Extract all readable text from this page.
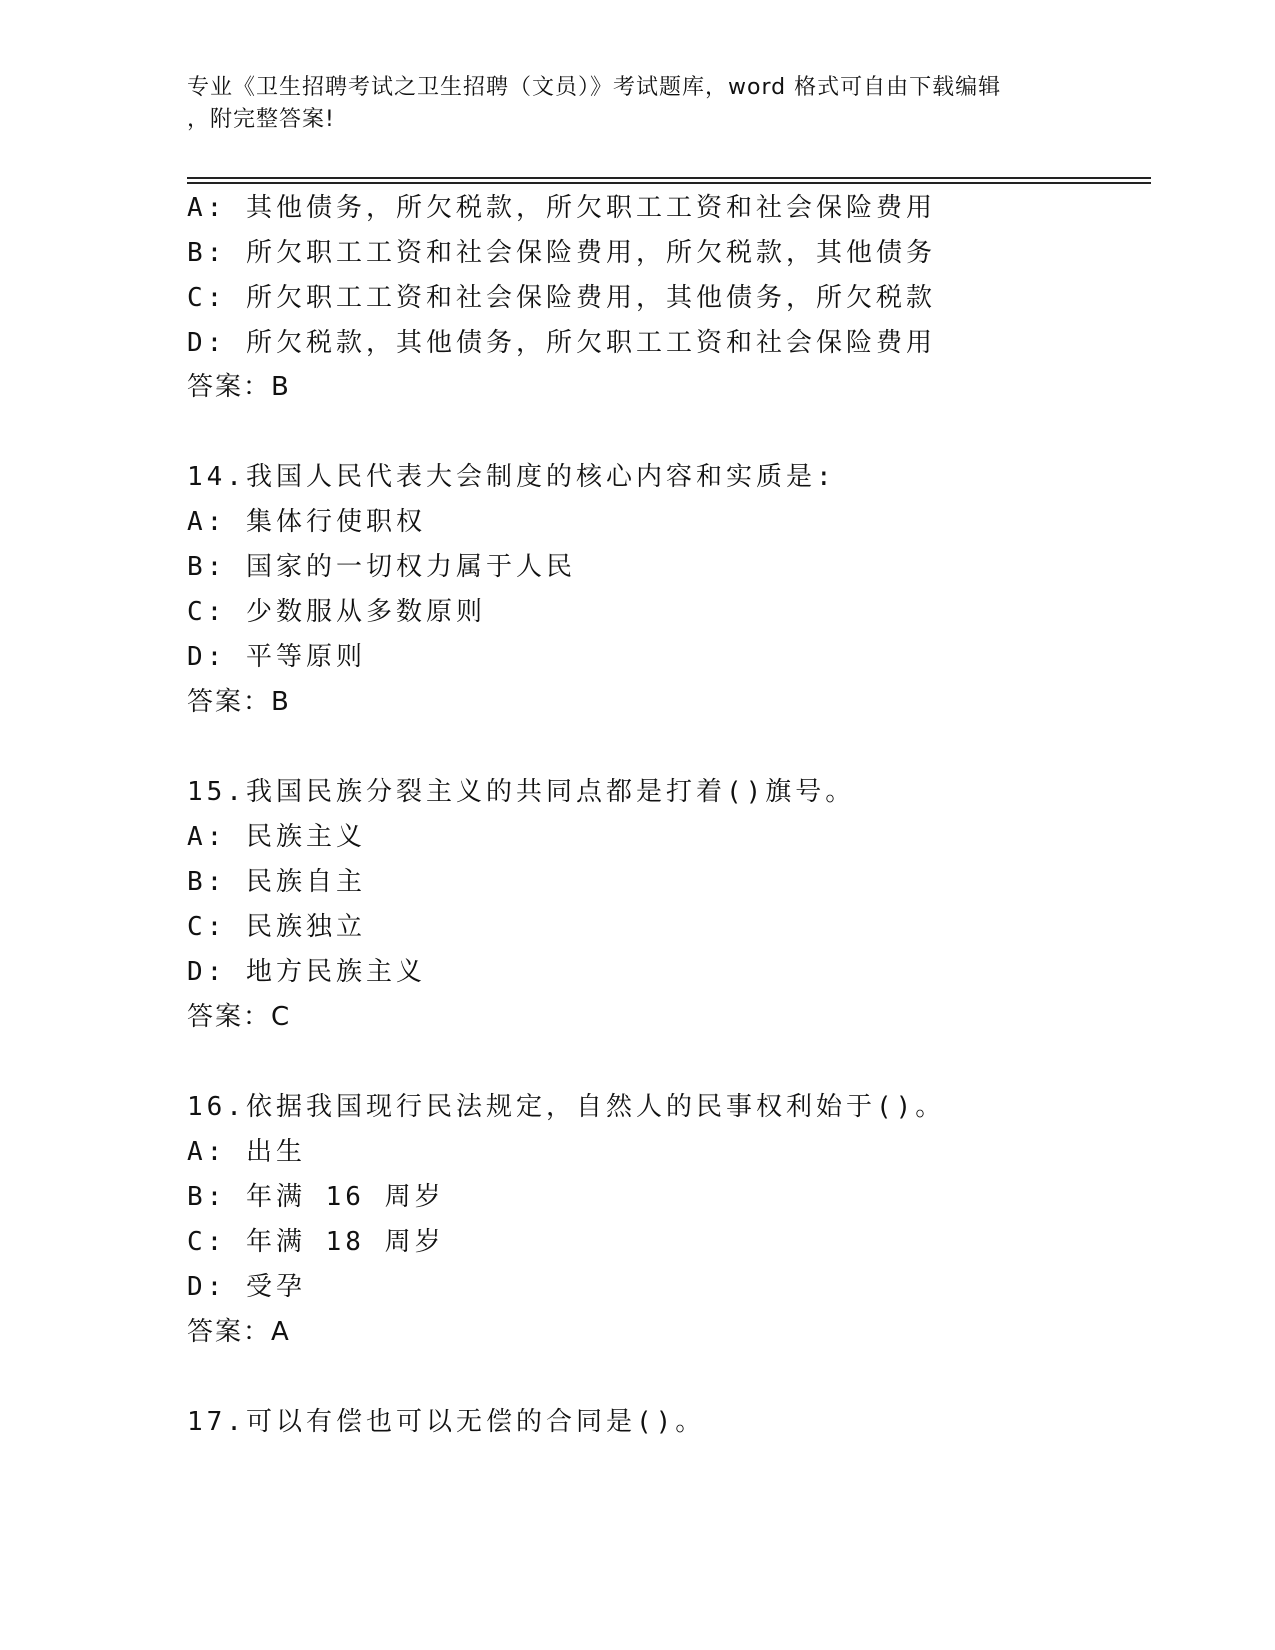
专业《卫生招聘考试之卫生招聘（文员）》考试题库，word 格式可自由下载编辑
，附完整答案!
A: 其他债务，所欠税款，所欠职工工资和社会保险费用
B: 所欠职工工资和社会保险费用，所欠税款，其他债务
C: 所欠职工工资和社会保险费用，其他债务，所欠税款
D: 所欠税款，其他债务，所欠职工工资和社会保险费用
答案：B
14.我国人民代表大会制度的核心内容和实质是:
A: 集体行使职权
B: 国家的一切权力属于人民
C: 少数服从多数原则
D: 平等原则
答案：B
15.我国民族分裂主义的共同点都是打着()旗号。
A: 民族主义
B: 民族自主
C: 民族独立
D: 地方民族主义
答案：C
16.依据我国现行民法规定，自然人的民事权利始于()。
A: 出生
B: 年满 16 周岁
C: 年满 18 周岁
D: 受孕
答案：A
17.可以有偿也可以无偿的合同是()。
